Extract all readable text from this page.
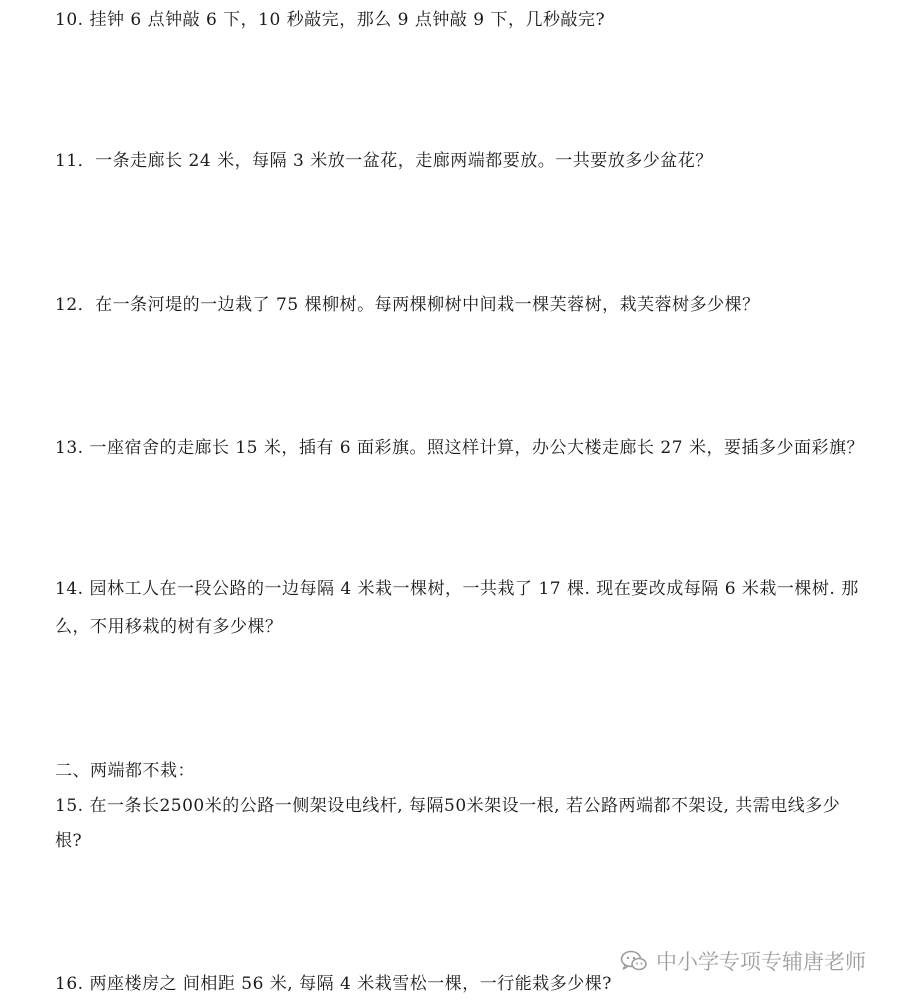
10. 挂钟 6 点钟敲 6 下，10 秒敲完，那么 9 点钟敲 9 下，几秒敲完?
11．一条走廊长 24 米，每隔 3 米放一盆花，走廊两端都要放。一共要放多少盆花？
12．在一条河堤的一边栽了 75 棵柳树。每两棵柳树中间栽一棵芙蓉树，栽芙蓉树多少棵？
13. 一座宿舍的走廊长 15 米，插有 6 面彩旗。照这样计算，办公大楼走廊长 27 米，要插多少面彩旗？
14. 园林工人在一段公路的一边每隔 4 米栽一棵树，一共栽了 17 棵. 现在要改成每隔 6 米栽一棵树. 那
么，不用移栽的树有多少棵？
二、两端都不栽：
15. 在一条长2500米的公路一侧架设电线杆, 每隔50米架设一根, 若公路两端都不架设, 共需电线多少
根?
16. 两座楼房之 间相距 56 米, 每隔 4 米栽雪松一棵，一行能栽多少棵?
中小学专项专辅唐老师
